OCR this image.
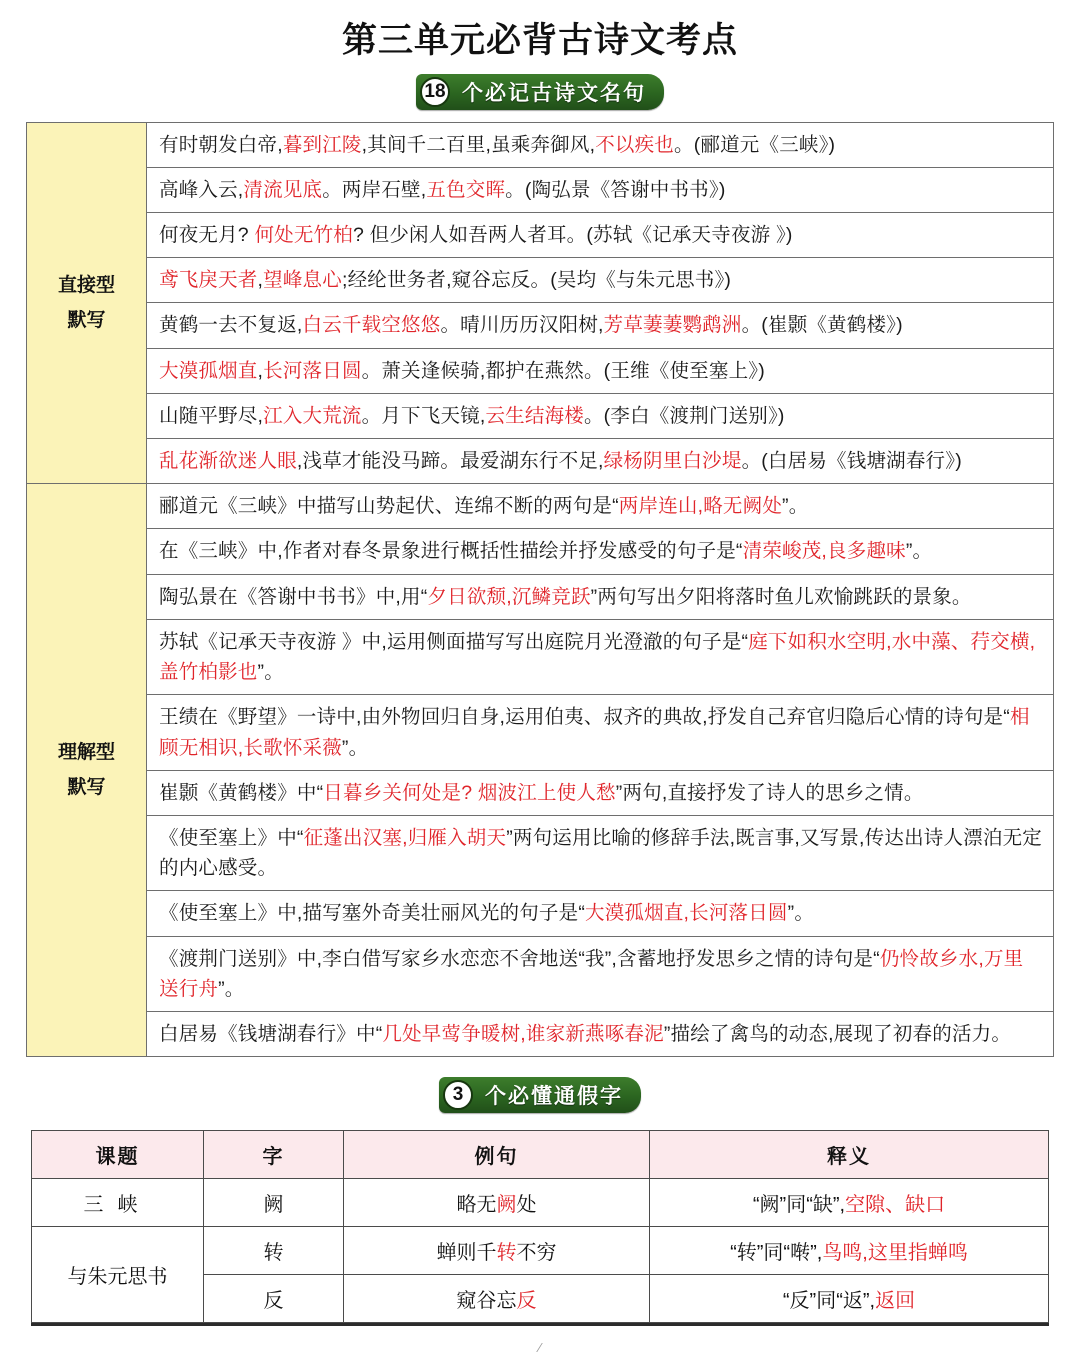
第三单元必背古诗文考点
18 个必记古诗文名句
直接型
默写	有时朝发白帝,暮到江陵,其间千二百里,虽乘奔御风,不以疾也。(郦道元《三峡》)
	高峰入云,清流见底。两岸石壁,五色交晖。(陶弘景《答谢中书书》)
	何夜无月? 何处无竹柏? 但少闲人如吾两人者耳。(苏轼《记承天寺夜游 》)
	鸢飞戾天者,望峰息心;经纶世务者,窥谷忘反。(吴均《与朱元思书》)
	黄鹤一去不复返,白云千载空悠悠。晴川历历汉阳树,芳草萋萋鹦鹉洲。(崔颢《黄鹤楼》)
	大漠孤烟直,长河落日圆。萧关逢候骑,都护在燕然。(王维《使至塞上》)
	山随平野尽,江入大荒流。月下飞天镜,云生结海楼。(李白《渡荆门送别》)
	乱花渐欲迷人眼,浅草才能没马蹄。最爱湖东行不足,绿杨阴里白沙堤。(白居易《钱塘湖春行》)
理解型
默写	郦道元《三峡》中描写山势起伏、连绵不断的两句是“两岸连山,略无阙处”。
	在《三峡》中,作者对春冬景象进行概括性描绘并抒发感受的句子是“清荣峻茂,良多趣味”。
	陶弘景在《答谢中书书》中,用“夕日欲颓,沉鳞竞跃”两句写出夕阳将落时鱼儿欢愉跳跃的景象。
	苏轼《记承天寺夜游 》中,运用侧面描写写出庭院月光澄澈的句子是“庭下如积水空明,水中藻、荇交横,盖竹柏影也”。
	王绩在《野望》一诗中,由外物回归自身,运用伯夷、叔齐的典故,抒发自己弃官归隐后心情的诗句是“相顾无相识,长歌怀采薇”。
	崔颢《黄鹤楼》中“日暮乡关何处是? 烟波江上使人愁”两句,直接抒发了诗人的思乡之情。
	《使至塞上》中“征蓬出汉塞,归雁入胡天”两句运用比喻的修辞手法,既言事,又写景,传达出诗人漂泊无定的内心感受。
	《使至塞上》中,描写塞外奇美壮丽风光的句子是“大漠孤烟直,长河落日圆”。
	《渡荆门送别》中,李白借写家乡水恋恋不舍地送“我”,含蓄地抒发思乡之情的诗句是“仍怜故乡水,万里送行舟”。
	白居易《钱塘湖春行》中“几处早莺争暖树,谁家新燕啄春泥”描绘了禽鸟的动态,展现了初春的活力。
3	个必懂通假字
课题	字	例句	释义
三峡	阙	略无阙处	“阙”同“缺”,空隙、缺口
与朱元思书	转	蝉则千转不穷	“转”同“啭”,鸟鸣,这里指蝉鸣
	反	窥谷忘反	“反”同“返”,返回
⁄
